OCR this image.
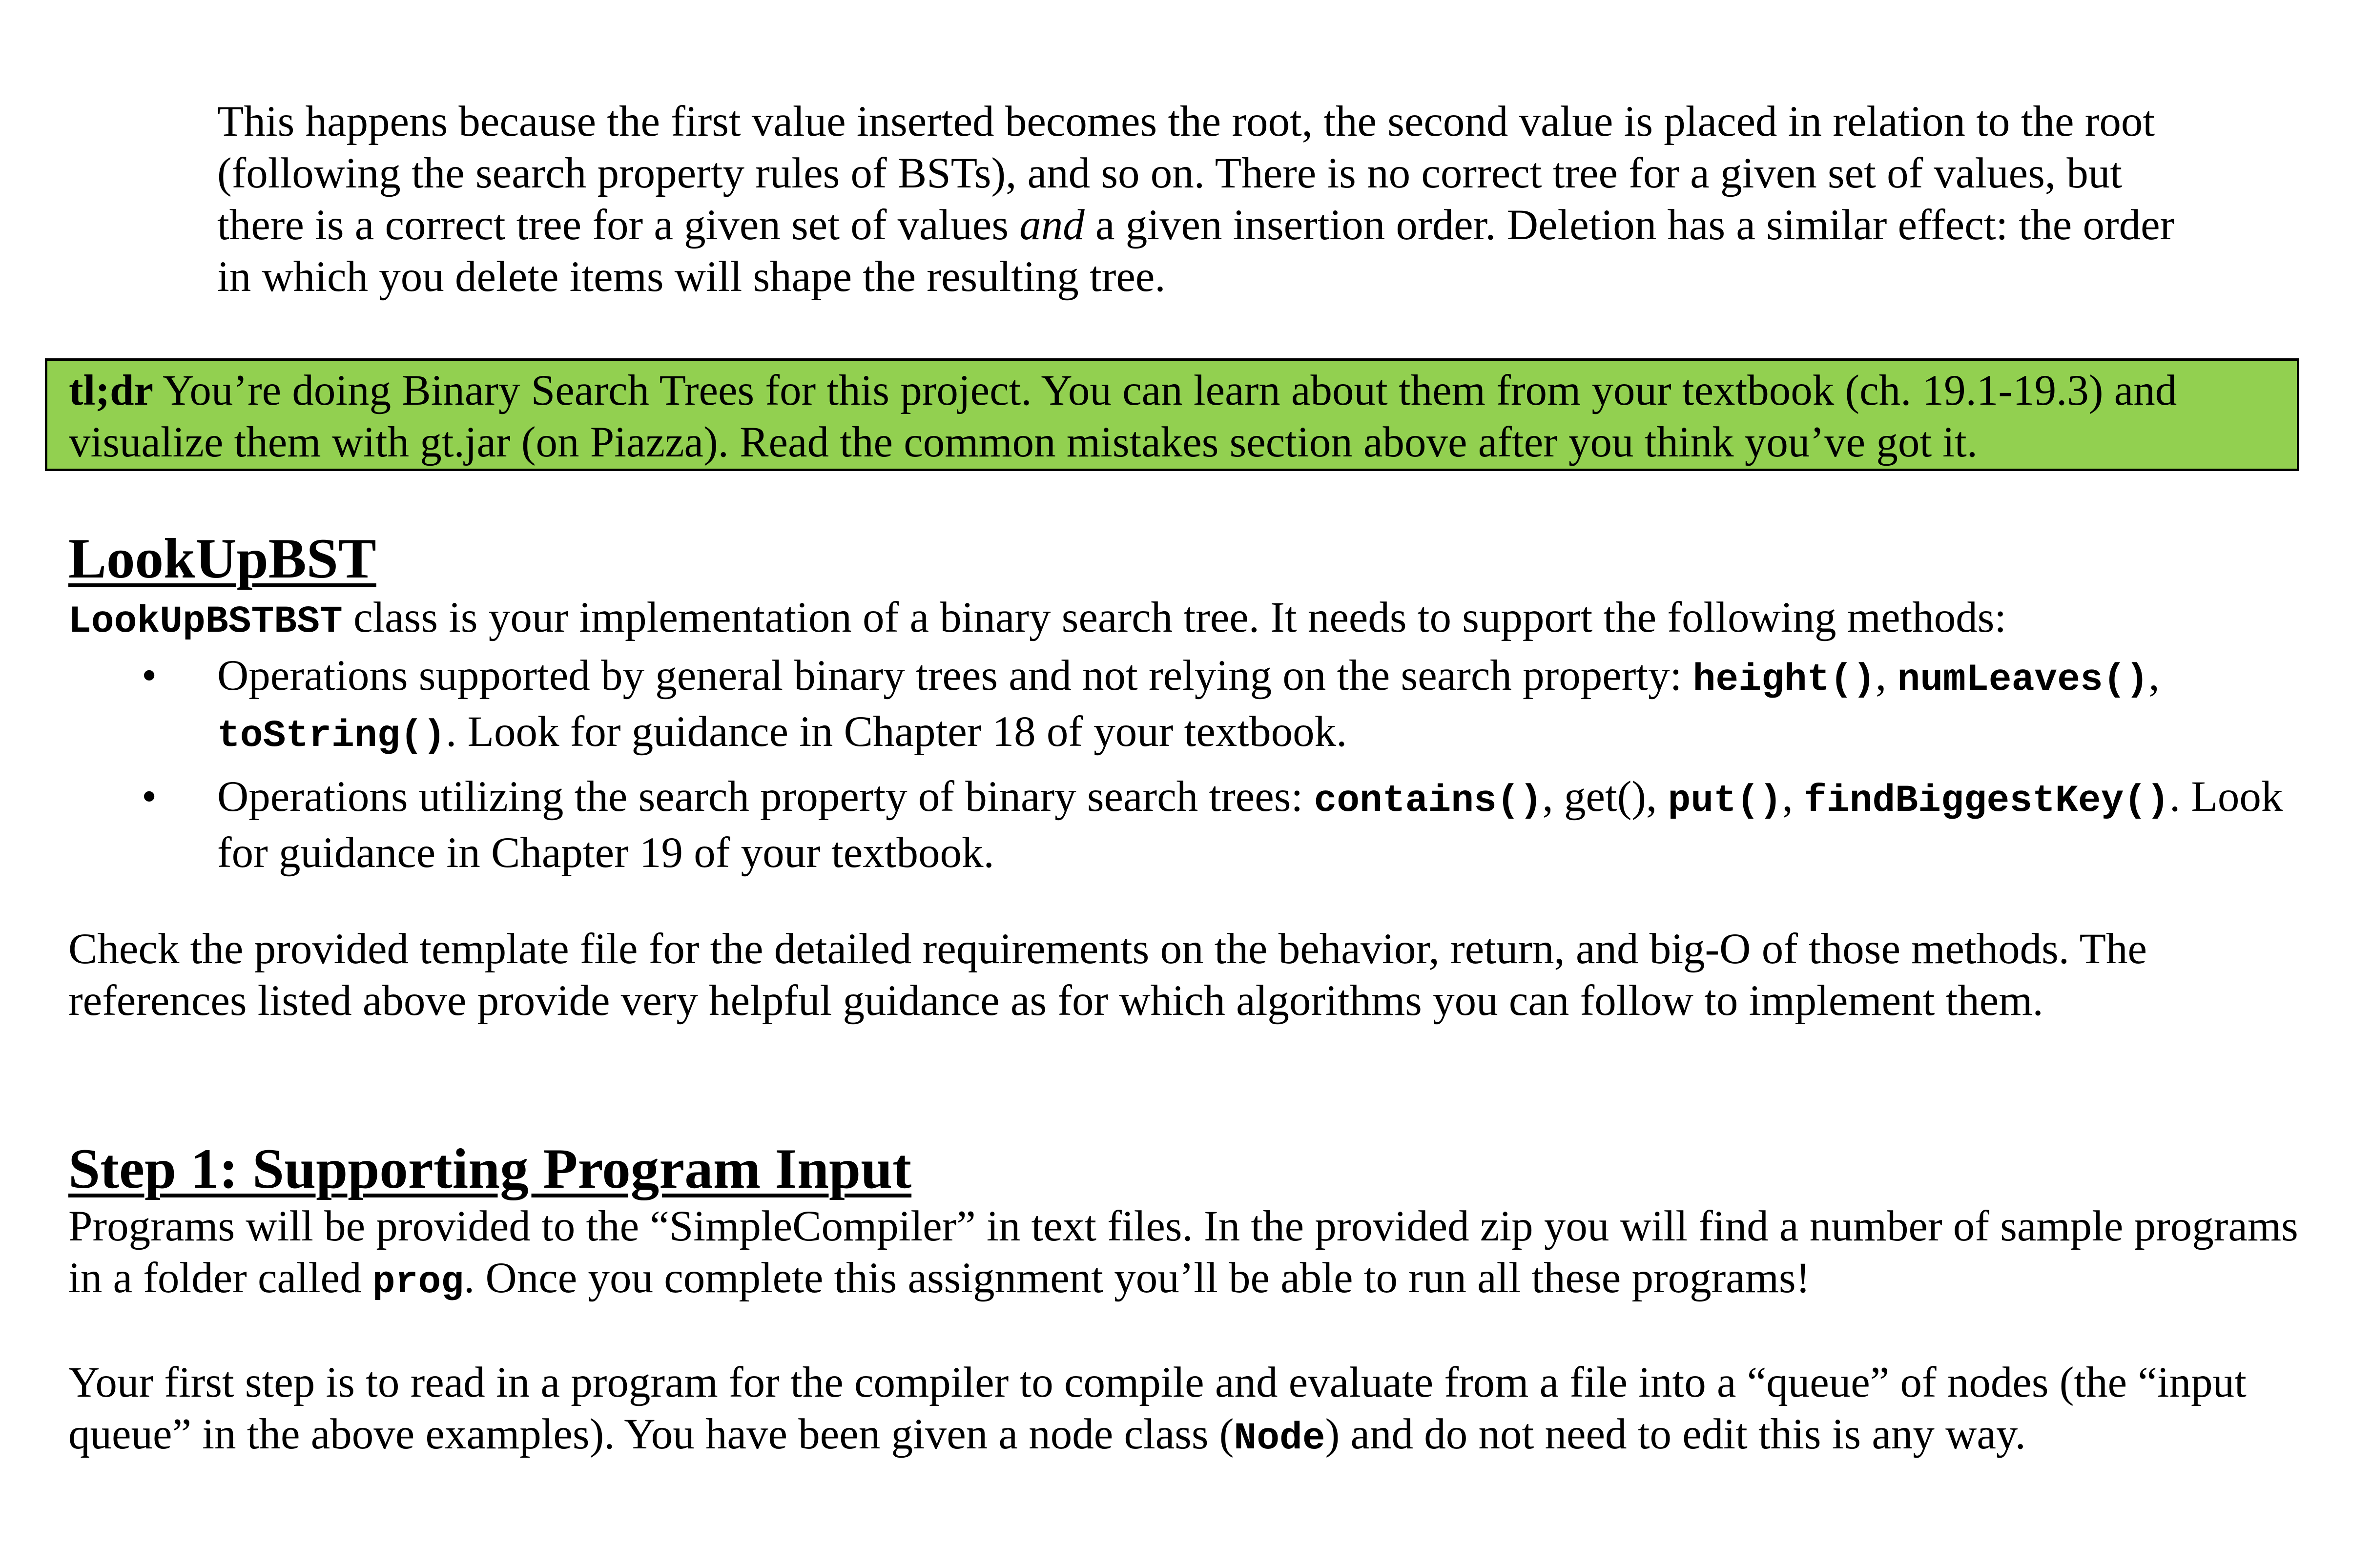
This happens because the first value inserted becomes the root, the second value is placed in relation to the root
(following the search property rules of BSTs), and so on. There is no correct tree for a given set of values, but
there is a correct tree for a given set of values and a given insertion order. Deletion has a similar effect: the order
in which you delete items will shape the resulting tree.

tl;dr You’re doing Binary Search Trees for this project. You can learn about them from your textbook (ch. 19.1-19.3) and visualize them with gt.jar (on Piazza). Read the common mistakes section above after you think you’ve got it.
LookUpBST

LookUpBSTBST class is your implementation of a binary search tree. It needs to support the following methods:

• Operations supported by general binary trees and not relying on the search property: height(), numLeaves(), toString(). Look for guidance in Chapter 18 of your textbook.
• Operations utilizing the search property of binary search trees: contains(), get(), put(), findBiggestKey(). Look for guidance in Chapter 19 of your textbook.

Check the provided template file for the detailed requirements on the behavior, return, and big-O of those methods. The references listed above provide very helpful guidance as for which algorithms you can follow to implement them.

Step 1: Supporting Program Input

Programs will be provided to the “SimpleCompiler” in text files. In the provided zip you will find a number of sample programs in a folder called prog. Once you complete this assignment you’ll be able to run all these programs!

Your first step is to read in a program for the compiler to compile and evaluate from a file into a “queue” of nodes (the “input queue” in the above examples). You have been given a node class (Node) and do not need to edit this is any way.
